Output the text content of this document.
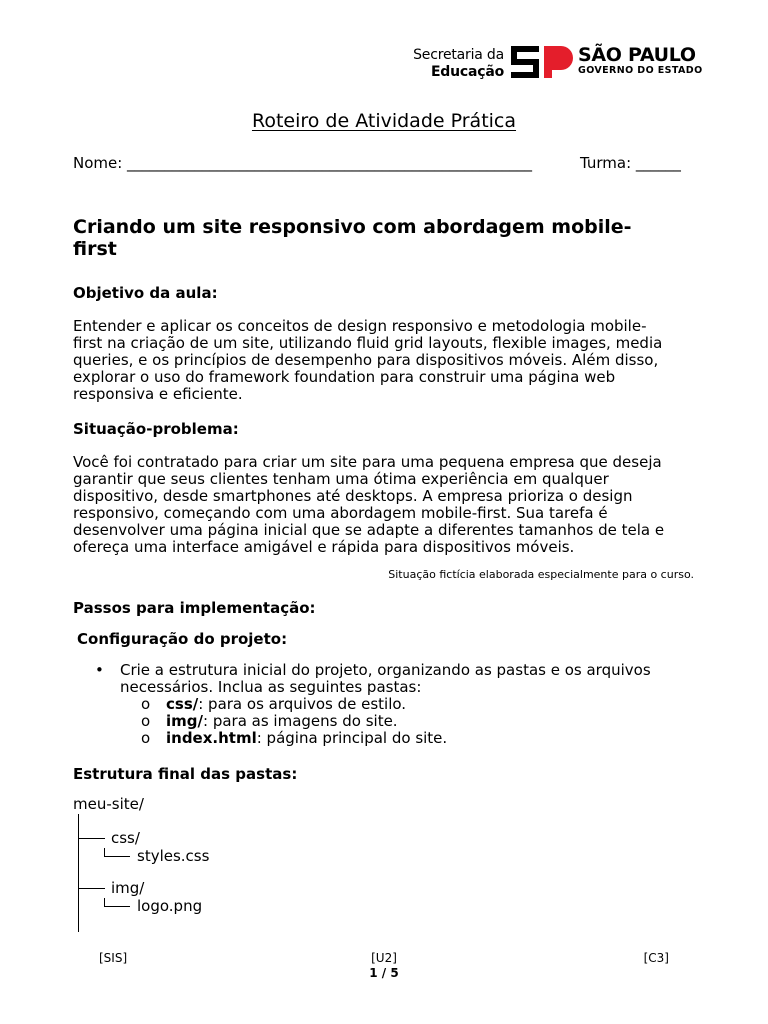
Secretaria da
Educação
SÃO PAULO
GOVERNO DO ESTADO
Roteiro de Atividade Prática
Nome: ______________________________________________________	Turma: ______
Criando um site responsivo com abordagem mobile-
first
Objetivo da aula:
Entender e aplicar os conceitos de design responsivo e metodologia mobile-
first na criação de um site, utilizando fluid grid layouts, flexible images, media
queries, e os princípios de desempenho para dispositivos móveis. Além disso,
explorar o uso do framework foundation para construir uma página web
responsiva e eficiente.
Situação-problema:
Você foi contratado para criar um site para uma pequena empresa que deseja
garantir que seus clientes tenham uma ótima experiência em qualquer
dispositivo, desde smartphones até desktops. A empresa prioriza o design
responsivo, começando com uma abordagem mobile-first. Sua tarefa é
desenvolver uma página inicial que se adapte a diferentes tamanhos de tela e
ofereça uma interface amigável e rápida para dispositivos móveis.
Situação fictícia elaborada especialmente para o curso.
Passos para implementação:
Configuração do projeto:
• Crie a estrutura inicial do projeto, organizando as pastas e os arquivos
necessários. Inclua as seguintes pastas:
o css/: para os arquivos de estilo.
o img/: para as imagens do site.
o index.html: página principal do site.
Estrutura final das pastas:
meu-site/
css/
styles.css
img/
logo.png
[SIS]	[U2]	[C3]
1 / 5
